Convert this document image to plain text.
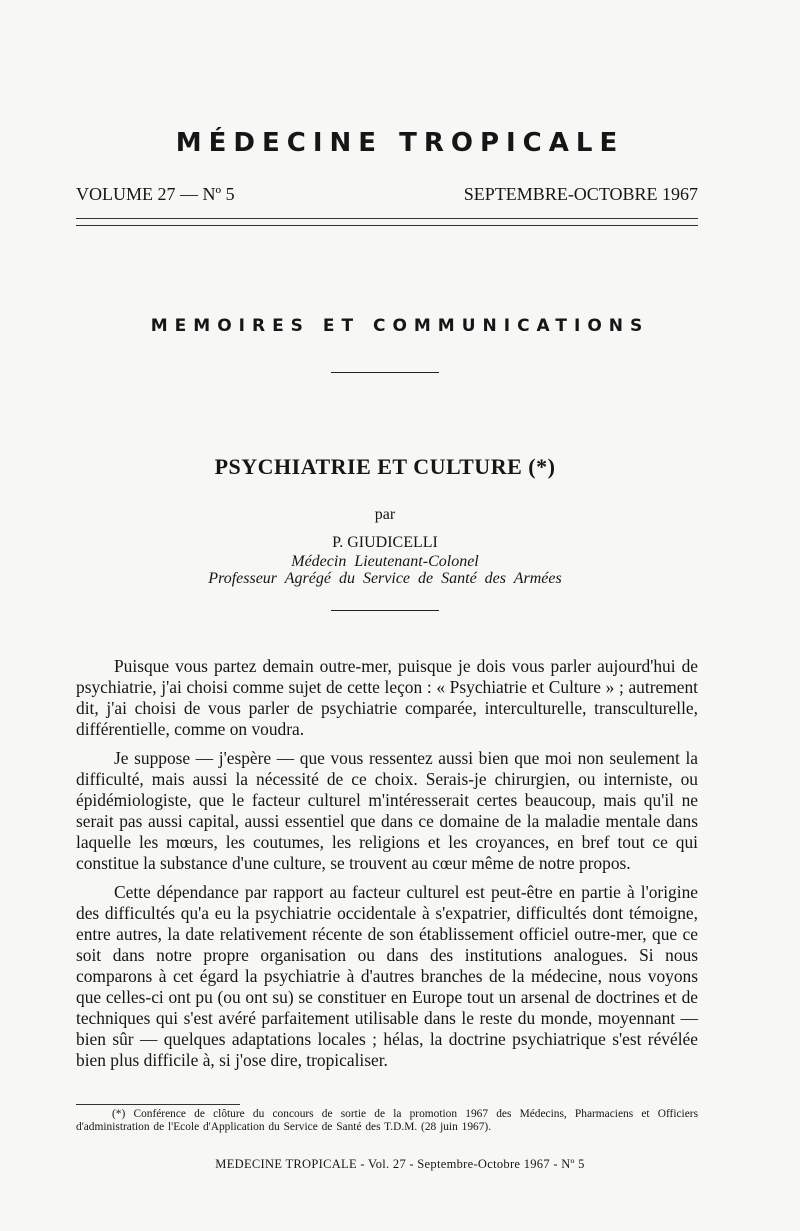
MÉDECINE TROPICALE
VOLUME 27 — Nº 5	SEPTEMBRE-OCTOBRE 1967
MEMOIRES ET COMMUNICATIONS
PSYCHIATRIE ET CULTURE (*)
par
P. GIUDICELLI
Médecin Lieutenant-Colonel
Professeur Agrégé du Service de Santé des Armées

Puisque vous partez demain outre-mer, puisque je dois vous parler aujourd'hui de psychiatrie, j'ai choisi comme sujet de cette leçon : « Psychiatrie et Culture » ; autrement dit, j'ai choisi de vous parler de psychiatrie comparée, interculturelle, transculturelle, différentielle, comme on voudra.

Je suppose — j'espère — que vous ressentez aussi bien que moi non seulement la difficulté, mais aussi la nécessité de ce choix. Serais-je chirurgien, ou interniste, ou épidémiologiste, que le facteur culturel m'intéresserait certes beaucoup, mais qu'il ne serait pas aussi capital, aussi essentiel que dans ce domaine de la maladie mentale dans laquelle les mœurs, les coutumes, les religions et les croyances, en bref tout ce qui constitue la substance d'une culture, se trouvent au cœur même de notre propos.

Cette dépendance par rapport au facteur culturel est peut-être en partie à l'origine des difficultés qu'a eu la psychiatrie occidentale à s'expatrier, difficultés dont témoigne, entre autres, la date relativement récente de son établissement officiel outre-mer, que ce soit dans notre propre organisation ou dans des institutions analogues. Si nous comparons à cet égard la psychiatrie à d'autres branches de la médecine, nous voyons que celles-ci ont pu (ou ont su) se constituer en Europe tout un arsenal de doctrines et de techniques qui s'est avéré parfaitement utilisable dans le reste du monde, moyennant — bien sûr — quelques adaptations locales ; hélas, la doctrine psychiatrique s'est révélée bien plus difficile à, si j'ose dire, tropicaliser.

(*) Conférence de clôture du concours de sortie de la promotion 1967 des Médecins, Pharmaciens et Officiers d'administration de l'Ecole d'Application du Service de Santé des T.D.M. (28 juin 1967).
MEDECINE TROPICALE - Vol. 27 - Septembre-Octobre 1967 - Nº 5
